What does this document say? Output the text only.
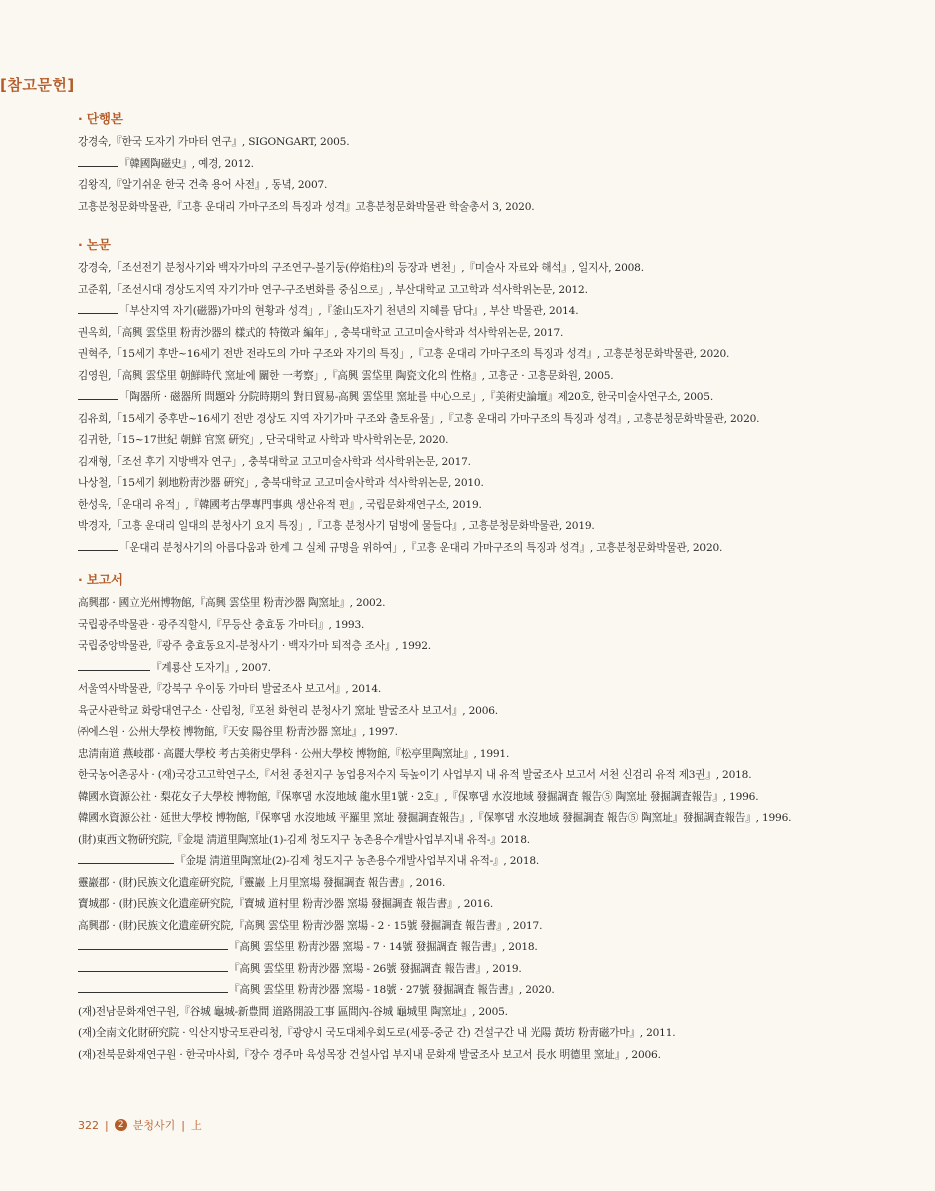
[참고문헌]
· 단행본
강경숙,『한국 도자기 가마터 연구』, SIGONGART, 2005.
『韓國陶磁史』, 예경, 2012.
김왕직,『알기쉬운 한국 건축 용어 사전』, 동녘, 2007.
고흥분청문화박물관,『고흥 운대리 가마구조의 특징과 성격』고흥분청문화박물관 학술총서 3, 2020.
· 논문
강경숙,「조선전기 분청사기와 백자가마의 구조연구-불기둥(停焰柱)의 등장과 변천」,『미술사 자료와 해석』, 일지사, 2008.
고준휘,「조선시대 경상도지역 자기가마 연구-구조변화를 중심으로」, 부산대학교 고고학과 석사학위논문, 2012.
「부산지역 자기(磁器)가마의 현황과 성격」,『釜山도자기 천년의 지혜를 담다』, 부산 박물관, 2014.
권옥희,「高興 雲垈里 粉靑沙器의 樣式的 特徵과 編年」, 충북대학교 고고미술사학과 석사학위논문, 2017.
권혁주,「15세기 후반~16세기 전반 전라도의 가마 구조와 자기의 특징」,『고흥 운대리 가마구조의 특징과 성격』, 고흥분청문화박물관, 2020.
김영원,「高興 雲垈里 朝鮮時代 窯址에 關한 一考察」,『高興 雲垈里 陶瓷文化의 性格』, 고흥군 · 고흥문화원, 2005.
「陶器所 · 磁器所 問題와 分院時期의 對日貿易-高興 雲垈里 窯址를 中心으로」,『美術史論壇』제20호, 한국미술사연구소, 2005.
김유희,「15세기 중후반~16세기 전반 경상도 지역 자기가마 구조와 출토유물」,『고흥 운대리 가마구조의 특징과 성격』, 고흥분청문화박물관, 2020.
김귀한,「15~17世紀 朝鮮 官窯 硏究」, 단국대학교 사학과 박사학위논문, 2020.
김재형,「조선 후기 지방백자 연구」, 충북대학교 고고미술사학과 석사학위논문, 2017.
나상철,「15세기 剝地粉靑沙器 硏究」, 충북대학교 고고미술사학과 석사학위논문, 2010.
한성욱,「운대리 유적」,『韓國考古學專門事典 생산유적 편』, 국립문화재연구소, 2019.
박경자,「고흥 운대리 일대의 분청사기 요지 특징」,『고흥 분청사기 덤벙에 물들다』, 고흥분청문화박물관, 2019.
「운대리 분청사기의 아름다움과 한계 그 실체 규명을 위하여」,『고흥 운대리 가마구조의 특징과 성격』, 고흥분청문화박물관, 2020.
· 보고서
高興郡 · 國立光州博物館,『高興 雲垈里 粉靑沙器 陶窯址』, 2002.
국립광주박물관 · 광주직할시,『무등산 충효동 가마터』, 1993.
국립중앙박물관,『광주 충효동요지-분청사기 · 백자가마 퇴적층 조사』, 1992.
『계룡산 도자기』, 2007.
서울역사박물관,『강북구 우이동 가마터 발굴조사 보고서』, 2014.
육군사관학교 화랑대연구소 · 산림청,『포천 화현리 분청사기 窯址 발굴조사 보고서』, 2006.
㈜에스원 · 公州大學校 博物館,『天安 陽谷里 粉靑沙器 窯址』, 1997.
忠淸南道 燕岐郡 · 高麗大學校 考古美術史學科 · 公州大學校 博物館,『松亭里陶窯址』, 1991.
한국농어촌공사 · (재)국강고고학연구소,『서천 종천지구 농업용저수지 둑높이기 사업부지 내 유적 발굴조사 보고서 서천 신검리 유적 제3권』, 2018.
韓國水資源公社 · 梨花女子大學校 博物館,『保寧댐 水沒地域 龍水里1號 · 2호』,『保寧댐 水沒地域 發掘調査 報告⑤ 陶窯址 發掘調査報告』, 1996.
韓國水資源公社 · 延世大學校 博物館,『保寧댐 水沒地域 平羅里 窯址 發掘調査報告』,『保寧댐 水沒地域 發掘調査 報告⑤ 陶窯址』發掘調査報告』, 1996.
(財)東西文物硏究院,『金堤 淸道里陶窯址(1)-김제 청도지구 농촌용수개발사업부지내 유적-』2018.
『金堤 淸道里陶窯址(2)-김제 청도지구 농촌용수개발사업부지내 유적-』, 2018.
靈巖郡 · (財)民族文化遺産硏究院,『靈巖 上月里窯場 發掘調査 報告書』, 2016.
寶城郡 · (財)民族文化遺産硏究院,『寶城 道村里 粉靑沙器 窯場 發掘調査 報告書』, 2016.
高興郡 · (財)民族文化遺産硏究院,『高興 雲垈里 粉靑沙器 窯場 - 2 · 15號 發掘調査 報告書』, 2017.
『高興 雲垈里 粉靑沙器 窯場 - 7 · 14號 發掘調査 報告書』, 2018.
『高興 雲垈里 粉靑沙器 窯場 - 26號 發掘調査 報告書』, 2019.
『高興 雲垈里 粉靑沙器 窯場 - 18號 · 27號 發掘調査 報告書』, 2020.
(재)전남문화재연구원,『谷城 龜城-新豊間 道路開設工事 區間內-谷城 龜城里 陶窯址』, 2005.
(재)全南文化財硏究院 · 익산지방국토관리청,『광양시 국도대체우회도로(세풍-중군 간) 건설구간 내 光陽 黃坊 粉靑磁가마』, 2011.
(재)전북문화재연구원 · 한국마사회,『장수 경주마 육성목장 건설사업 부지내 문화재 발굴조사 보고서 長水 明德里 窯址』, 2006.
322 |	2 분청사기 | 上
